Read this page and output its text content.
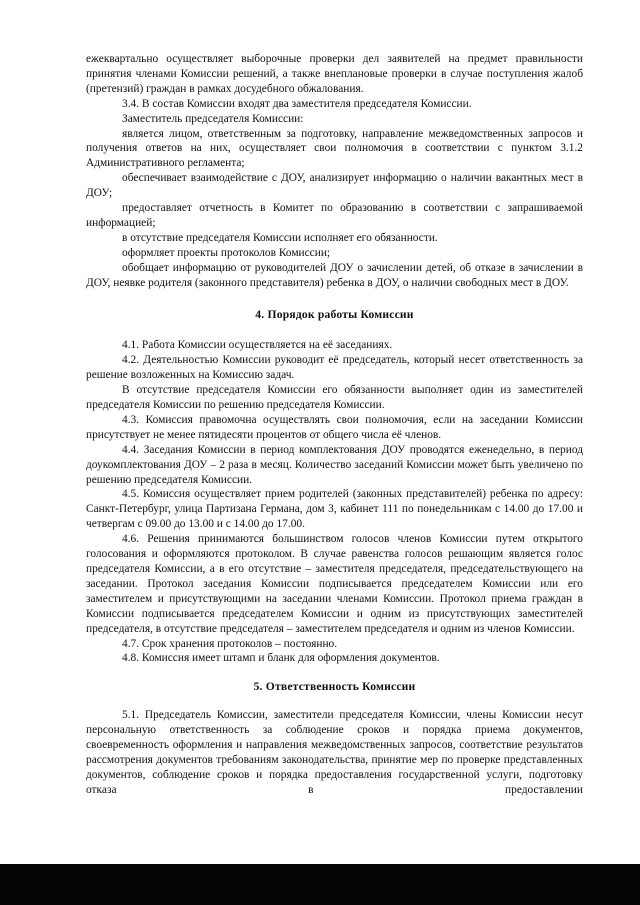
ежеквартально осуществляет выборочные проверки дел заявителей на предмет правильности принятия членами Комиссии решений, а также внеплановые проверки в случае поступления жалоб (претензий) граждан в рамках досудебного обжалования.

3.4. В состав Комиссии входят два заместителя председателя Комиссии.

Заместитель председателя Комиссии:

является лицом, ответственным за подготовку, направление межведомственных запросов и получения ответов на них, осуществляет свои полномочия в соответствии с пунктом 3.1.2 Административного регламента;

обеспечивает взаимодействие с ДОУ, анализирует информацию о наличии вакантных мест в ДОУ;

предоставляет отчетность в Комитет по образованию в соответствии с запрашиваемой информацией;

в отсутствие председателя Комиссии исполняет его обязанности.

оформляет проекты протоколов Комиссии;

обобщает информацию от руководителей ДОУ о зачислении детей, об отказе в зачислении в ДОУ, неявке родителя (законного представителя) ребенка в ДОУ, о наличии свободных мест в ДОУ.

4. Порядок работы Комиссии

4.1. Работа Комиссии осуществляется на её заседаниях.

4.2. Деятельностью Комиссии руководит её председатель, который несет ответственность за решение возложенных на Комиссию задач.

В отсутствие председателя Комиссии его обязанности выполняет один из заместителей председателя Комиссии по решению председателя Комиссии.

4.3. Комиссия правомочна осуществлять свои полномочия, если на заседании Комиссии присутствует не менее пятидесяти процентов от общего числа её членов.

4.4. Заседания Комиссии в период комплектования ДОУ проводятся еженедельно, в период доукомплектования ДОУ – 2 раза в месяц. Количество заседаний Комиссии может быть увеличено по решению председателя Комиссии.

4.5. Комиссия осуществляет прием родителей (законных представителей) ребенка по адресу: Санкт-Петербург, улица Партизана Германа, дом 3, кабинет 111 по понедельникам с 14.00 до 17.00 и четвергам с 09.00 до 13.00 и с 14.00 до 17.00.

4.6. Решения принимаются большинством голосов членов Комиссии путем открытого голосования и оформляются протоколом. В случае равенства голосов решающим является голос председателя Комиссии, а в его отсутствие – заместителя председателя, председательствующего на заседании. Протокол заседания Комиссии подписывается председателем Комиссии или его заместителем и присутствующими на заседании членами Комиссии. Протокол приема граждан в Комиссии подписывается председателем Комиссии и одним из присутствующих заместителей председателя, в отсутствие председателя – заместителем председателя и одним из членов Комиссии.

4.7. Срок хранения протоколов – постоянно.

4.8. Комиссия имеет штамп и бланк для оформления документов.

5. Ответственность Комиссии

5.1. Председатель Комиссии, заместители председателя Комиссии, члены Комиссии несут персональную ответственность за соблюдение сроков и порядка приема документов, своевременность оформления и направления межведомственных запросов, соответствие результатов рассмотрения документов требованиям законодательства, принятие мер по проверке представленных документов, соблюдение сроков и порядка предоставления государственной услуги, подготовку отказа в предоставлении
